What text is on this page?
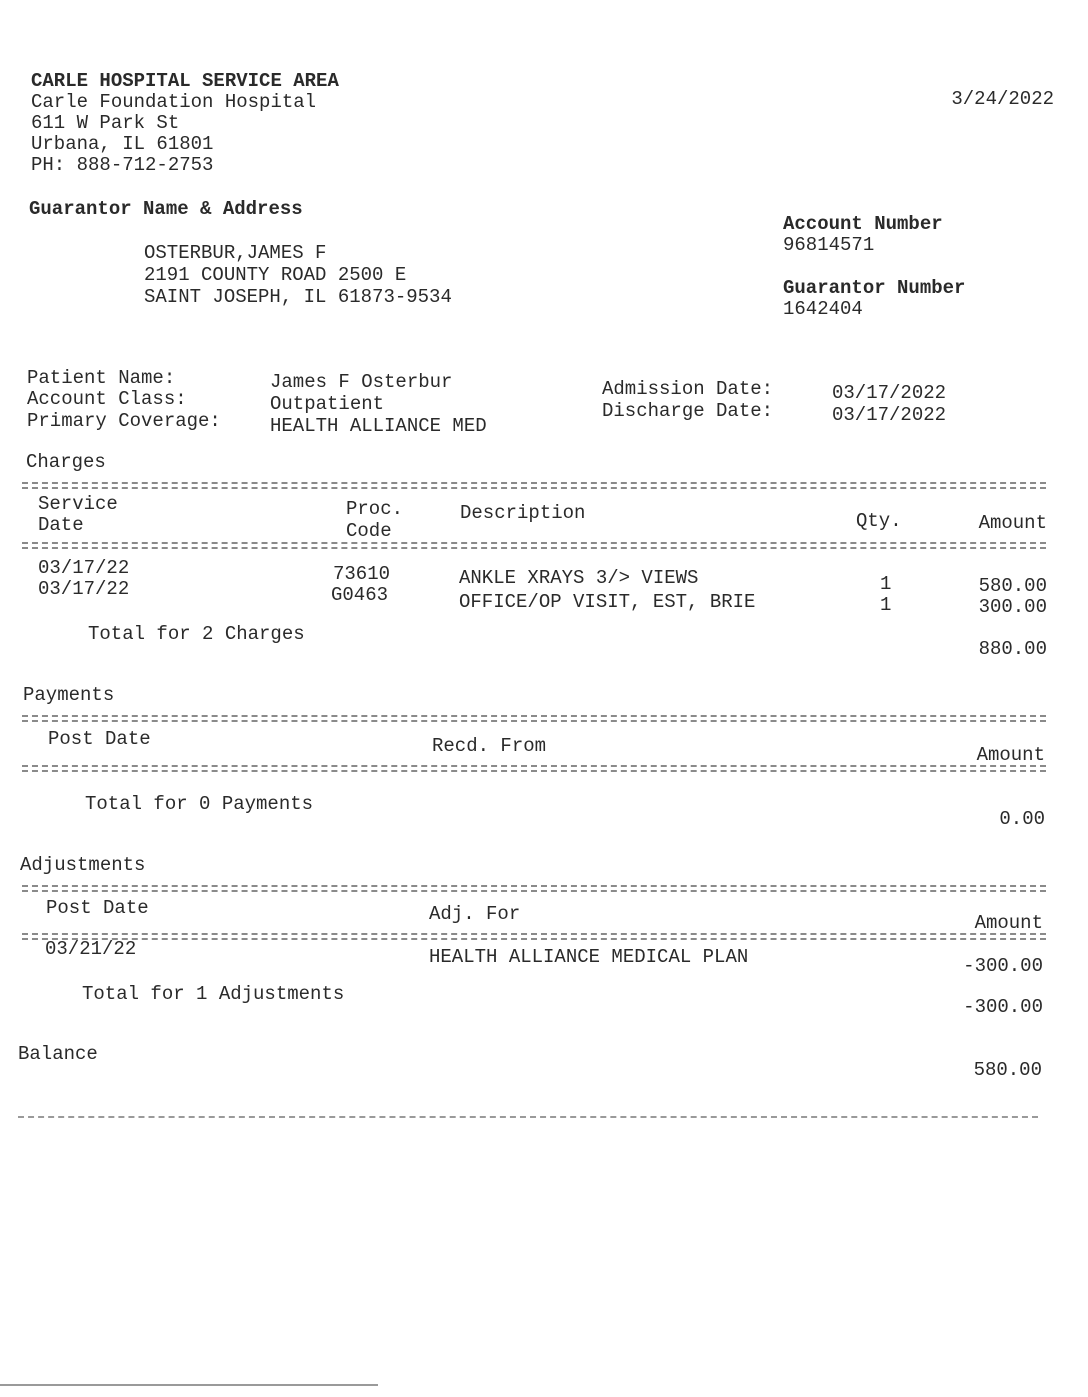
CARLE HOSPITAL SERVICE AREA
Carle Foundation Hospital
611 W Park St
Urbana, IL 61801
PH: 888-712-2753
3/24/2022
Guarantor Name & Address
OSTERBUR,JAMES F
2191 COUNTY ROAD 2500 E
SAINT JOSEPH, IL 61873-9534
Account Number
96814571
Guarantor Number
1642404
Patient Name:	James F Osterbur
Account Class:	Outpatient
Primary Coverage:	HEALTH ALLIANCE MED
Admission Date:	03/17/2022
Discharge Date:	03/17/2022
Charges
Service
Date
Proc.
Code
Description	Qty.	Amount
03/17/22	73610	ANKLE XRAYS 3/> VIEWS	1	580.00
03/17/22	G0463	OFFICE/OP VISIT, EST, BRIE	1	300.00
Total for 2 Charges
880.00
Payments
Post Date	Recd. From	Amount
Total for 0 Payments
0.00
Adjustments
Post Date	Adj. For	Amount
03/21/22	HEALTH ALLIANCE MEDICAL PLAN	-300.00
Total for 1 Adjustments
-300.00
Balance
580.00
